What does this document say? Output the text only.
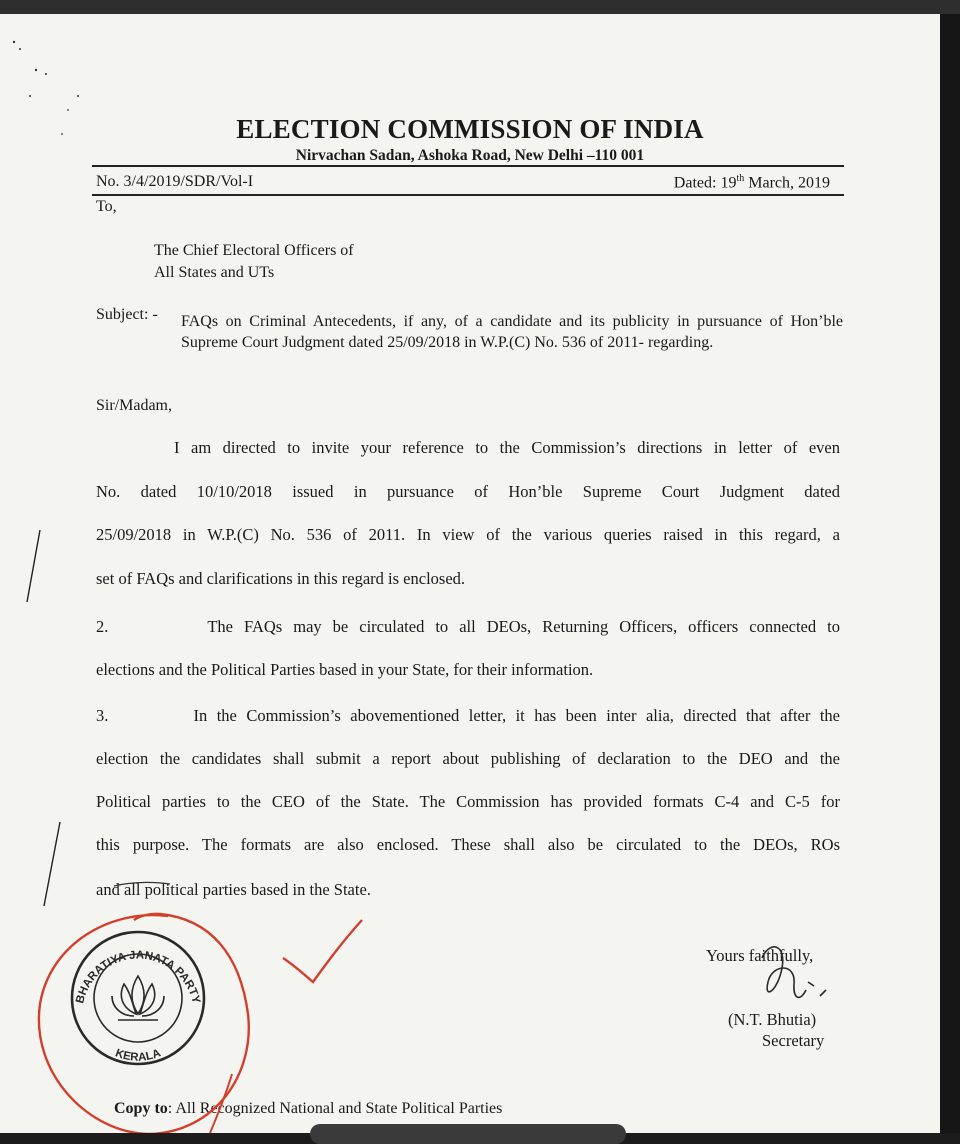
ELECTION COMMISSION OF INDIA
Nirvachan Sadan, Ashoka Road, New Delhi –110 001
No. 3/4/2019/SDR/Vol-I	Dated: 19th March, 2019
To,
The Chief Electoral Officers of
All States and UTs
Subject: - FAQs on Criminal Antecedents, if any, of a candidate and its publicity in pursuance of Hon’ble Supreme Court Judgment dated 25/09/2018 in W.P.(C) No. 536 of 2011- regarding.
Sir/Madam,
I am directed to invite your reference to the Commission’s directions in letter of even
No. dated 10/10/2018 issued in pursuance of Hon’ble Supreme Court Judgment dated
25/09/2018 in W.P.(C) No. 536 of 2011. In view of the various queries raised in this regard, a
set of FAQs and clarifications in this regard is enclosed.
2.         The FAQs may be circulated to all DEOs, Returning Officers, officers connected to
elections and the Political Parties based in your State, for their information.
3.         In the Commission’s abovementioned letter, it has been inter alia, directed that after the
election the candidates shall submit a report about publishing of declaration to the DEO and the
Political parties to the CEO of the State. The Commission has provided formats C-4 and C-5 for
this purpose. The formats are also enclosed. These shall also be circulated to the DEOs, ROs
and all political parties based in the State.
Yours faithfully,
(N.T. Bhutia)
Secretary
Copy to: All Recognized National and State Political Parties
BHARATIYA JANATA PARTY
KERALA
